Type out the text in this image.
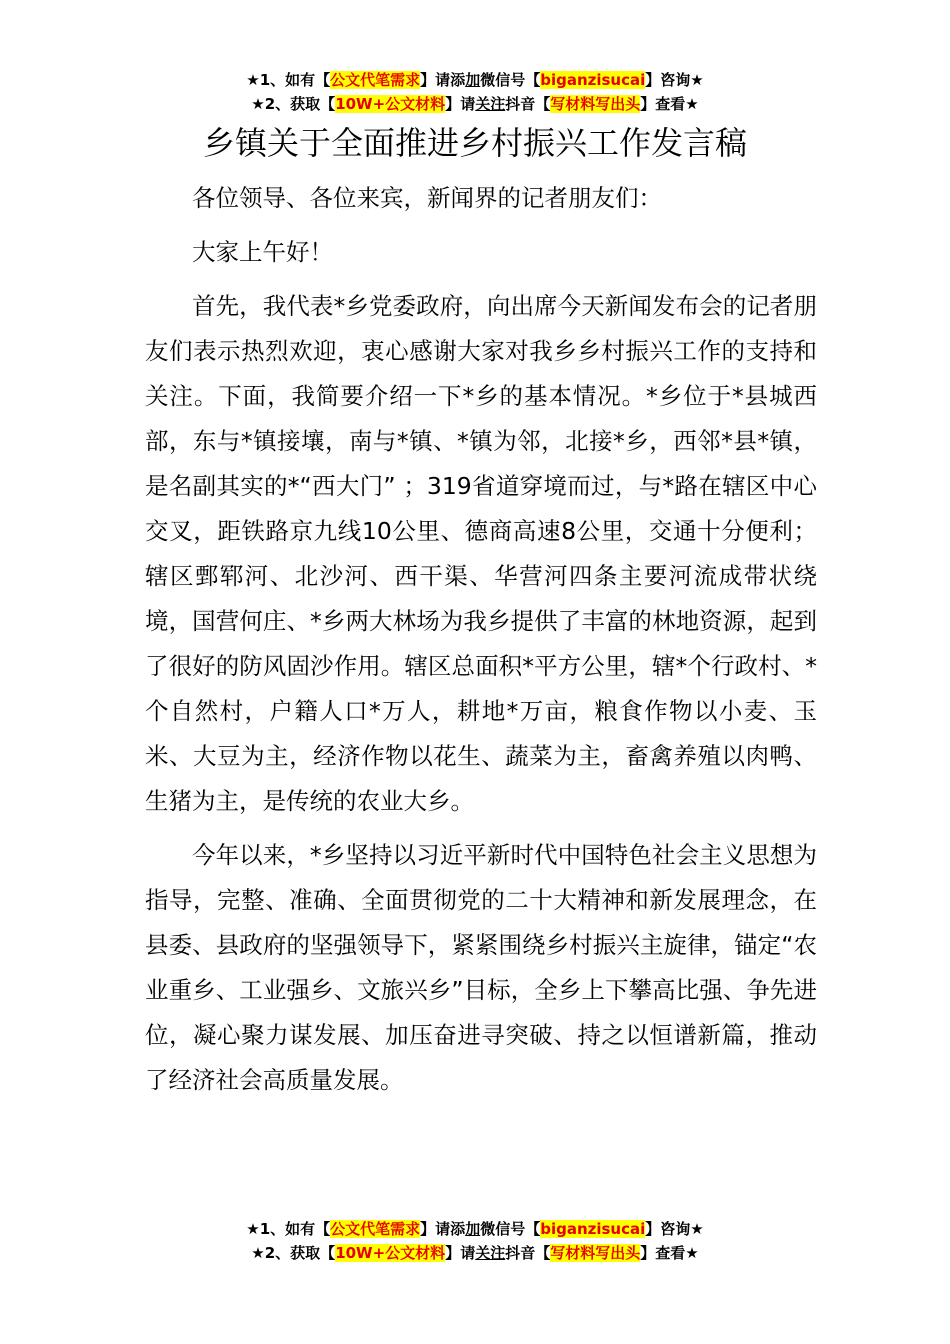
★1、如有【公文代笔需求】请添加微信号【biganzisucai】咨询★
★2、获取【10W+公文材料】请关注抖音【写材料写出头】查看★
乡镇关于全面推进乡村振兴工作发言稿

各位领导、各位来宾，新闻界的记者朋友们：

大家上午好！

首先，我代表*乡党委政府，向出席今天新闻发布会的记者朋友们表示热烈欢迎，衷心感谢大家对我乡乡村振兴工作的支持和关注。下面，我简要介绍一下*乡的基本情况。*乡位于*县城西部，东与*镇接壤，南与*镇、*镇为邻，北接*乡，西邻*县*镇，是名副其实的*“西大门” ；319省道穿境而过，与*路在辖区中心交叉，距铁路京九线10公里、德商高速8公里，交通十分便利；辖区鄄郓河、北沙河、西干渠、华营河四条主要河流成带状绕境，国营何庄、*乡两大林场为我乡提供了丰富的林地资源，起到了很好的防风固沙作用。辖区总面积*平方公里，辖*个行政村、*个自然村，户籍人口*万人，耕地*万亩，粮食作物以小麦、玉米、大豆为主，经济作物以花生、蔬菜为主，畜禽养殖以肉鸭、生猪为主，是传统的农业大乡。

今年以来，*乡坚持以习近平新时代中国特色社会主义思想为指导，完整、准确、全面贯彻党的二十大精神和新发展理念，在县委、县政府的坚强领导下，紧紧围绕乡村振兴主旋律，锚定“农业重乡、工业强乡、文旅兴乡”目标，全乡上下攀高比强、争先进位，凝心聚力谋发展、加压奋进寻突破、持之以恒谱新篇，推动了经济社会高质量发展。

★1、如有【公文代笔需求】请添加微信号【biganzisucai】咨询★
★2、获取【10W+公文材料】请关注抖音【写材料写出头】查看★
